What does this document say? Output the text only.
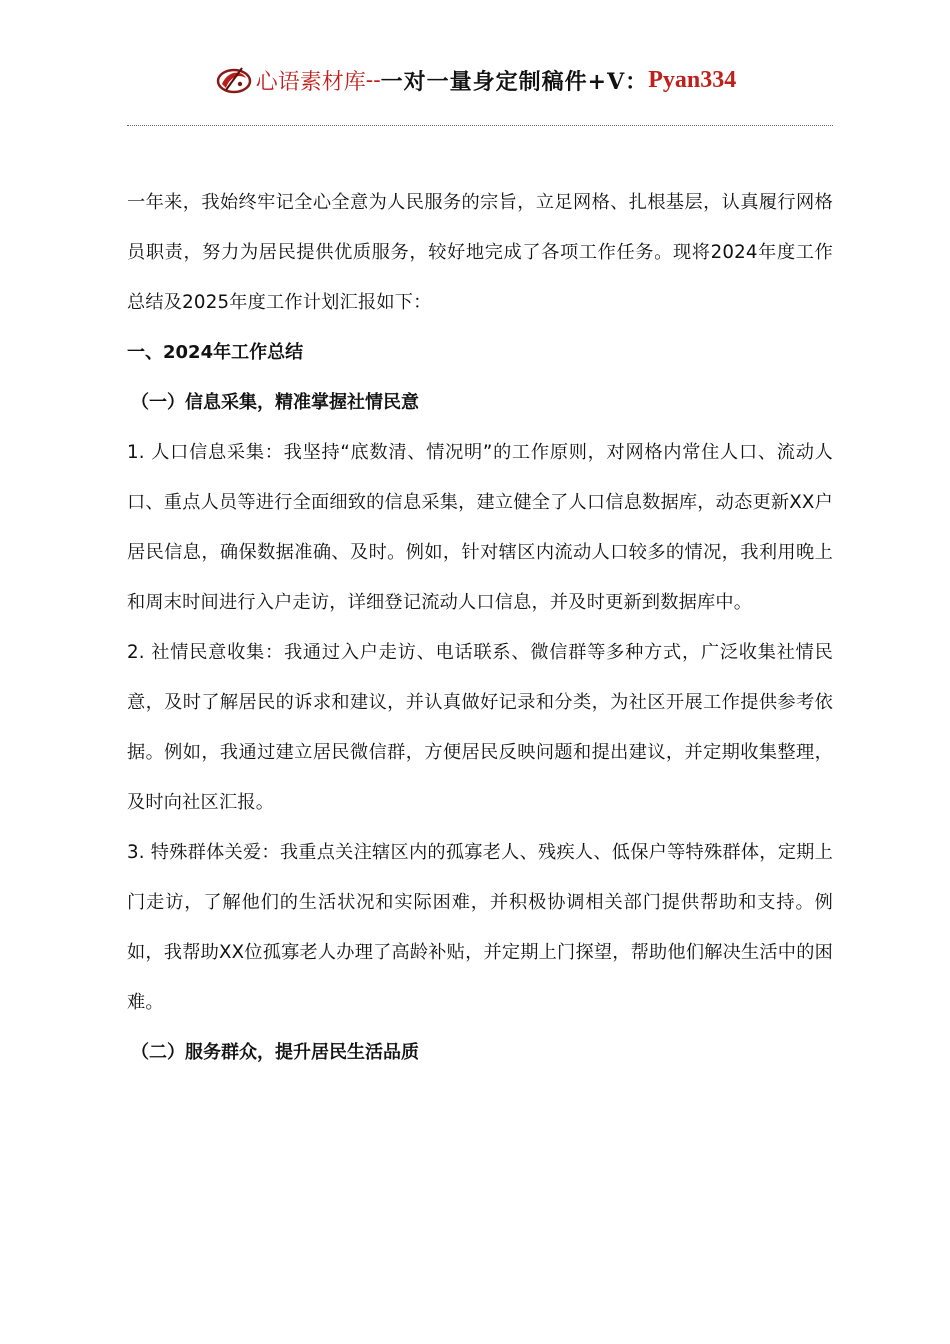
心语素材库 -- 一对一量身定制稿件+V： Pyan334

一年来，我始终牢记全心全意为人民服务的宗旨，立足网格、扎根基层，认真履行网格员职责，努力为居民提供优质服务，较好地完成了各项工作任务。现将2024年度工作总结及2025年度工作计划汇报如下：

一、2024年工作总结

（一）信息采集，精准掌握社情民意

1. 人口信息采集：我坚持“底数清、情况明”的工作原则，对网格内常住人口、流动人口、重点人员等进行全面细致的信息采集，建立健全了人口信息数据库，动态更新XX户居民信息，确保数据准确、及时。例如，针对辖区内流动人口较多的情况，我利用晚上和周末时间进行入户走访，详细登记流动人口信息，并及时更新到数据库中。

2. 社情民意收集：我通过入户走访、电话联系、微信群等多种方式，广泛收集社情民意，及时了解居民的诉求和建议，并认真做好记录和分类，为社区开展工作提供参考依据。例如，我通过建立居民微信群，方便居民反映问题和提出建议，并定期收集整理，及时向社区汇报。

3. 特殊群体关爱：我重点关注辖区内的孤寡老人、残疾人、低保户等特殊群体，定期上门走访，了解他们的生活状况和实际困难，并积极协调相关部门提供帮助和支持。例如，我帮助XX位孤寡老人办理了高龄补贴，并定期上门探望，帮助他们解决生活中的困难。

（二）服务群众，提升居民生活品质
